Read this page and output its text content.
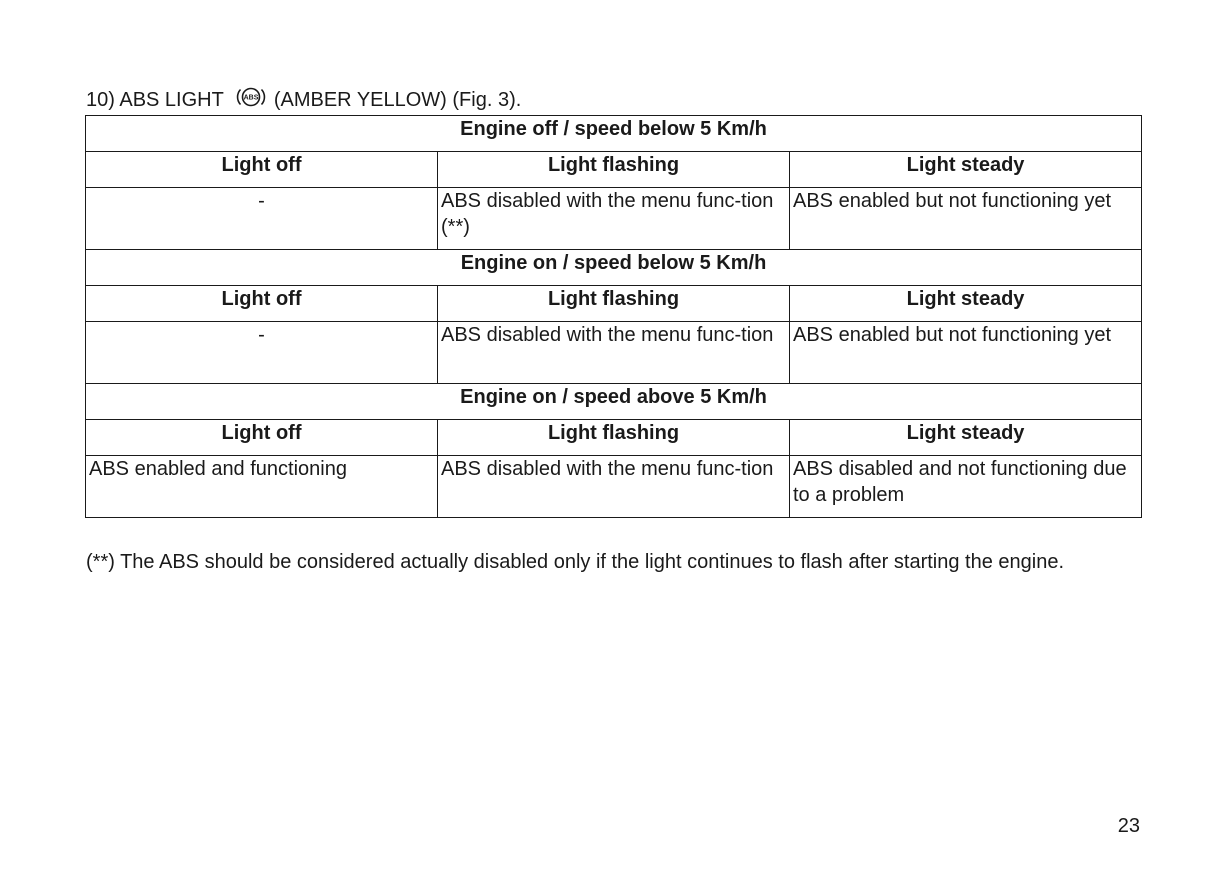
10) ABS LIGHT	ABS (AMBER YELLOW) (Fig. 3).
Engine off / speed below 5 Km/h		
Light off	Light flashing	Light steady
-	ABS disabled with the menu func-tion (**)	ABS enabled but not functioning yet
Engine on / speed below 5 Km/h		
Light off	Light flashing	Light steady
-	ABS disabled with the menu func-tion	ABS enabled but not functioning yet
Engine on / speed above 5 Km/h		
Light off	Light flashing	Light steady
ABS enabled and functioning	ABS disabled with the menu func-tion	ABS disabled and not functioning due to a problem
(**) The ABS should be considered actually disabled only if the light continues to flash after starting the engine.
23
